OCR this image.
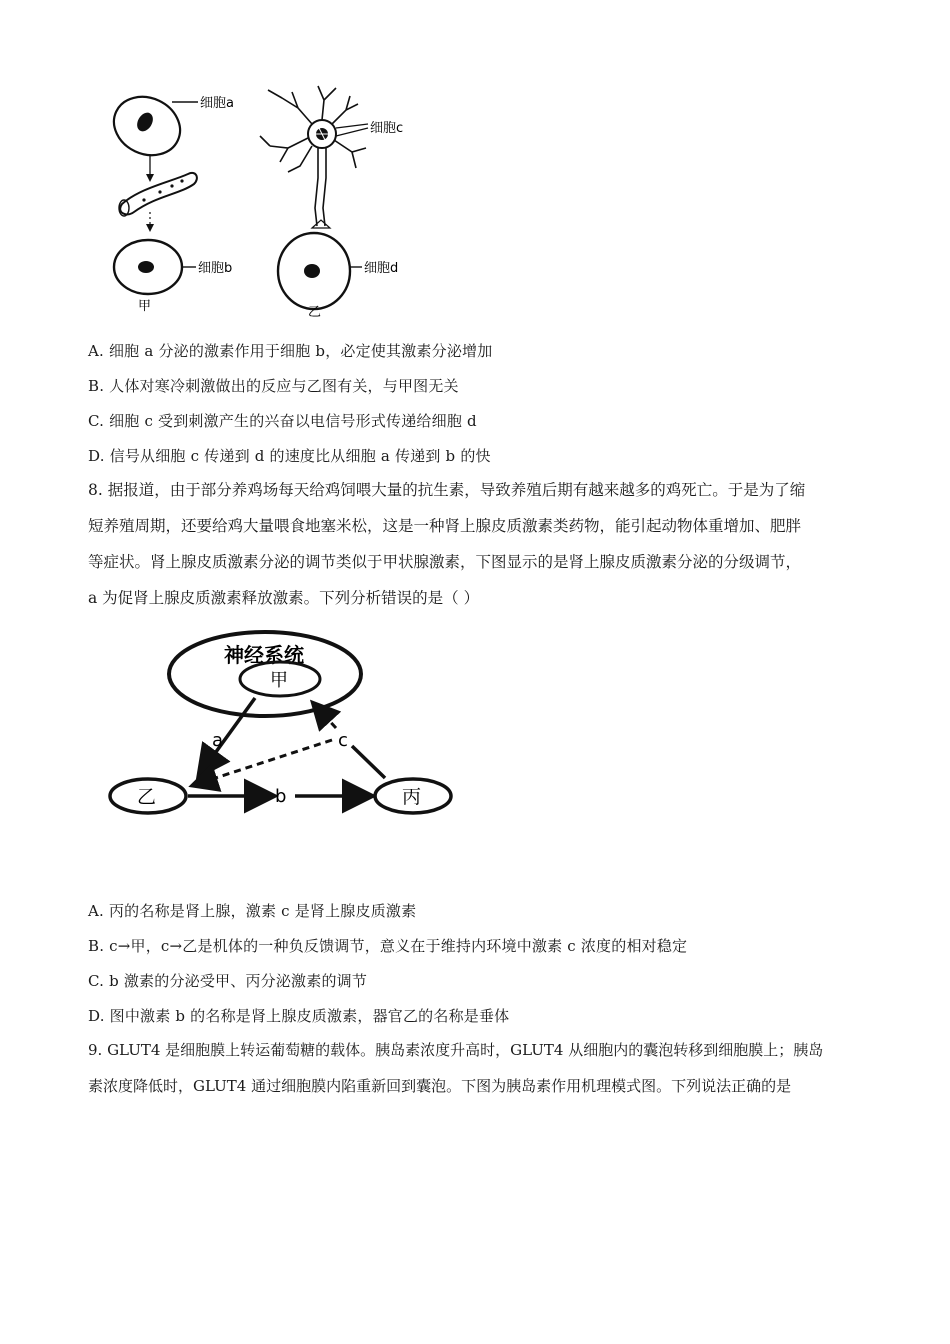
细胞a
细胞b
甲
细胞c
细胞d
乙
A. 细胞 a 分泌的激素作用于细胞 b，必定使其激素分泌增加
B. 人体对寒冷刺激做出的反应与乙图有关，与甲图无关
C. 细胞 c 受到刺激产生的兴奋以电信号形式传递给细胞 d
D. 信号从细胞 c 传递到 d 的速度比从细胞 a 传递到 b 的快
8. 据报道，由于部分养鸡场每天给鸡饲喂大量的抗生素，导致养殖后期有越来越多的鸡死亡。于是为了缩
短养殖周期，还要给鸡大量喂食地塞米松，这是一种肾上腺皮质激素类药物，能引起动物体重增加、肥胖
等症状。肾上腺皮质激素分泌的调节类似于甲状腺激素，下图显示的是肾上腺皮质激素分泌的分级调节，
a 为促肾上腺皮质激素释放激素。下列分析错误的是（ ）
神经系统
甲
乙	丙
a
b
c
A. 丙的名称是肾上腺，激素 c 是肾上腺皮质激素
B. c→甲，c→乙是机体的一种负反馈调节，意义在于维持内环境中激素 c 浓度的相对稳定
C. b 激素的分泌受甲、丙分泌激素的调节
D. 图中激素 b 的名称是肾上腺皮质激素，器官乙的名称是垂体
9. GLUT4 是细胞膜上转运葡萄糖的载体。胰岛素浓度升高时，GLUT4 从细胞内的囊泡转移到细胞膜上；胰岛
素浓度降低时，GLUT4 通过细胞膜内陷重新回到囊泡。下图为胰岛素作用机理模式图。下列说法正确的是
